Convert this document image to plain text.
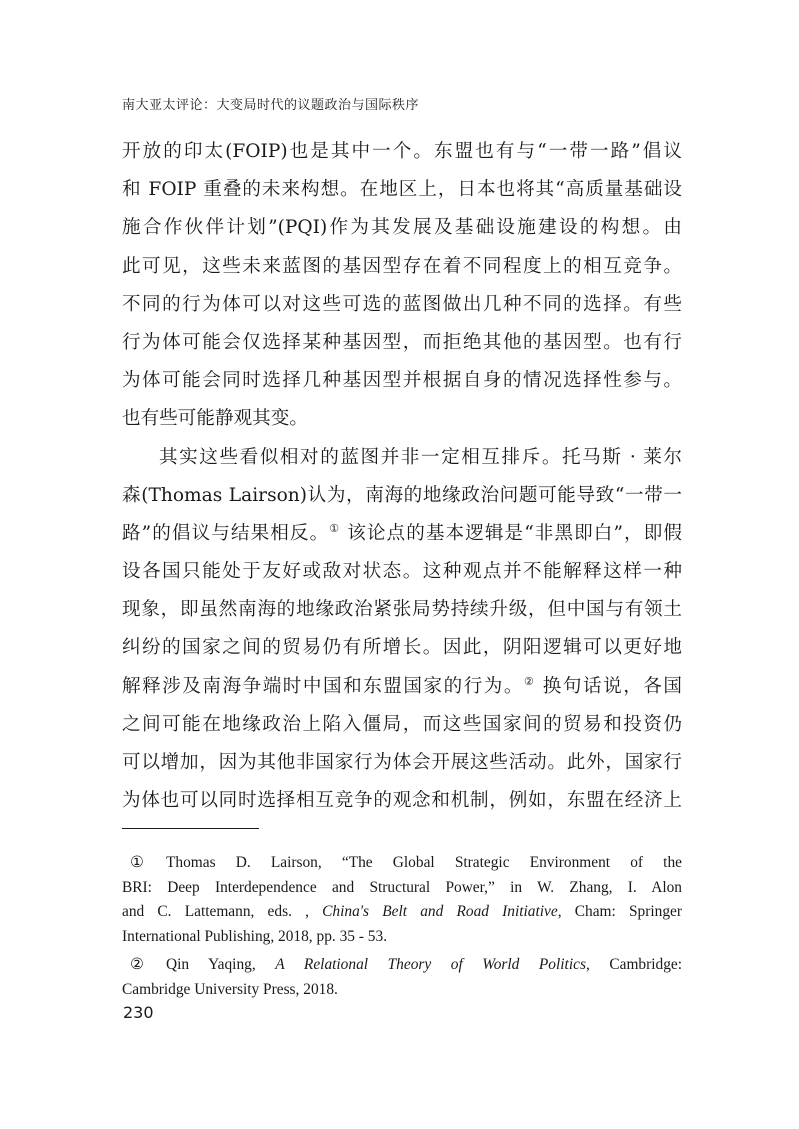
南大亚太评论：大变局时代的议题政治与国际秩序
开放的印太(FOIP)也是其中一个。东盟也有与“一带一路”倡议
和 FOIP 重叠的未来构想。在地区上，日本也将其“高质量基础设
施合作伙伴计划”(PQI)作为其发展及基础设施建设的构想。由
此可见，这些未来蓝图的基因型存在着不同程度上的相互竞争。
不同的行为体可以对这些可选的蓝图做出几种不同的选择。有些
行为体可能会仅选择某种基因型，而拒绝其他的基因型。也有行
为体可能会同时选择几种基因型并根据自身的情况选择性参与。
也有些可能静观其变。
其实这些看似相对的蓝图并非一定相互排斥。托马斯 · 莱尔
森(Thomas Lairson)认为，南海的地缘政治问题可能导致“一带一
路”的倡议与结果相反。① 该论点的基本逻辑是“非黑即白”，即假
设各国只能处于友好或敌对状态。这种观点并不能解释这样一种
现象，即虽然南海的地缘政治紧张局势持续升级，但中国与有领土
纠纷的国家之间的贸易仍有所增长。因此，阴阳逻辑可以更好地
解释涉及南海争端时中国和东盟国家的行为。② 换句话说，各国
之间可能在地缘政治上陷入僵局，而这些国家间的贸易和投资仍
可以增加，因为其他非国家行为体会开展这些活动。此外，国家行
为体也可以同时选择相互竞争的观念和机制，例如，东盟在经济上
① Thomas D. Lairson, “The Global Strategic Environment of the
BRI: Deep Interdependence and Structural Power,” in W. Zhang, I. Alon
and C. Lattemann, eds. , China's Belt and Road Initiative, Cham: Springer
International Publishing, 2018, pp. 35 - 53.
② Qin Yaqing, A Relational Theory of World Politics, Cambridge:
Cambridge University Press, 2018.
230
